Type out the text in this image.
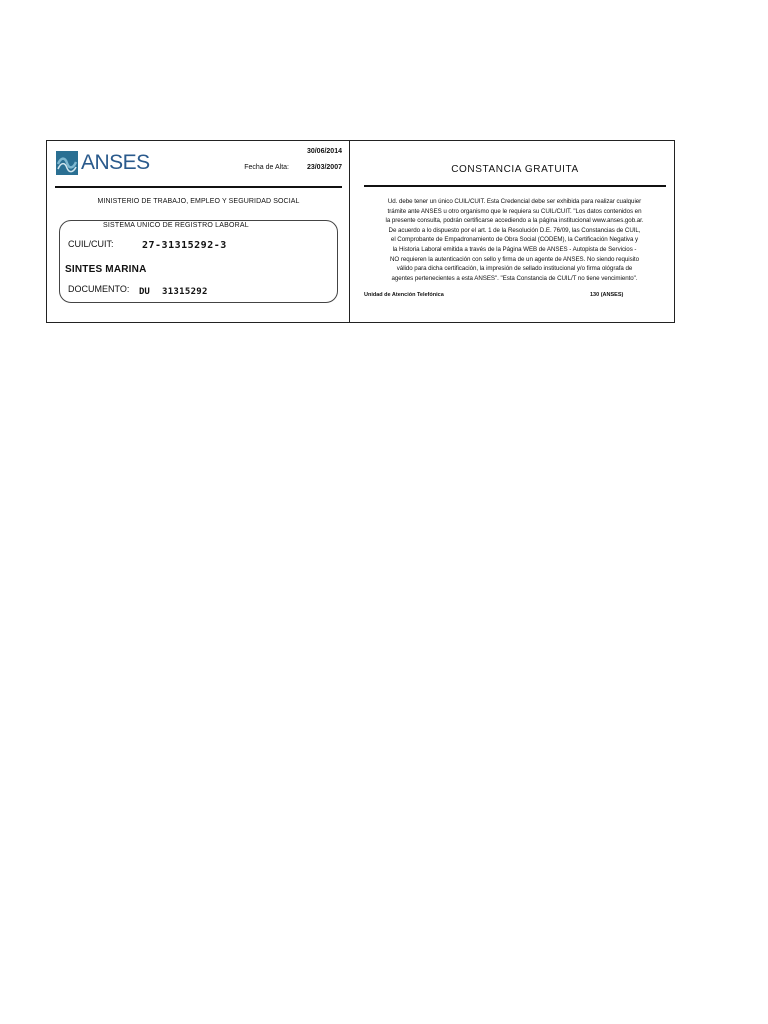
ANSES	30/06/2014
Fecha de Alta:	23/03/2007	CONSTANCIA GRATUITA
MINISTERIO DE TRABAJO, EMPLEO Y SEGURIDAD SOCIAL
SISTEMA UNICO DE REGISTRO LABORAL
CUIL/CUIT:	27-31315292-3
SINTES MARINA
DOCUMENTO: DU 31315292
Ud. debe tener un único CUIL/CUIT. Esta Credencial debe ser exhibida para realizar cualquier
trámite ante ANSES u otro organismo que le requiera su CUIL/CUIT. "Los datos contenidos en
la presente consulta, podrán certificarse accediendo a la página institucional www.anses.gob.ar.
De acuerdo a lo dispuesto por el art. 1 de la Resolución D.E. 76/09, las Constancias de CUIL,
el Comprobante de Empadronamiento de Obra Social (CODEM), la Certificación Negativa y
la Historia Laboral emitida a través de la Página WEB de ANSES - Autopista de Servicios -
NO requieren la autenticación con sello y firma de un agente de ANSES. No siendo requisito
válido para dicha certificación, la impresión de sellado institucional y/o firma ológrafa de
agentes pertenecientes a esta ANSES". "Esta Constancia de CUIL/T no tiene vencimiento".
Unidad de Atención Telefónica	130 (ANSES)
